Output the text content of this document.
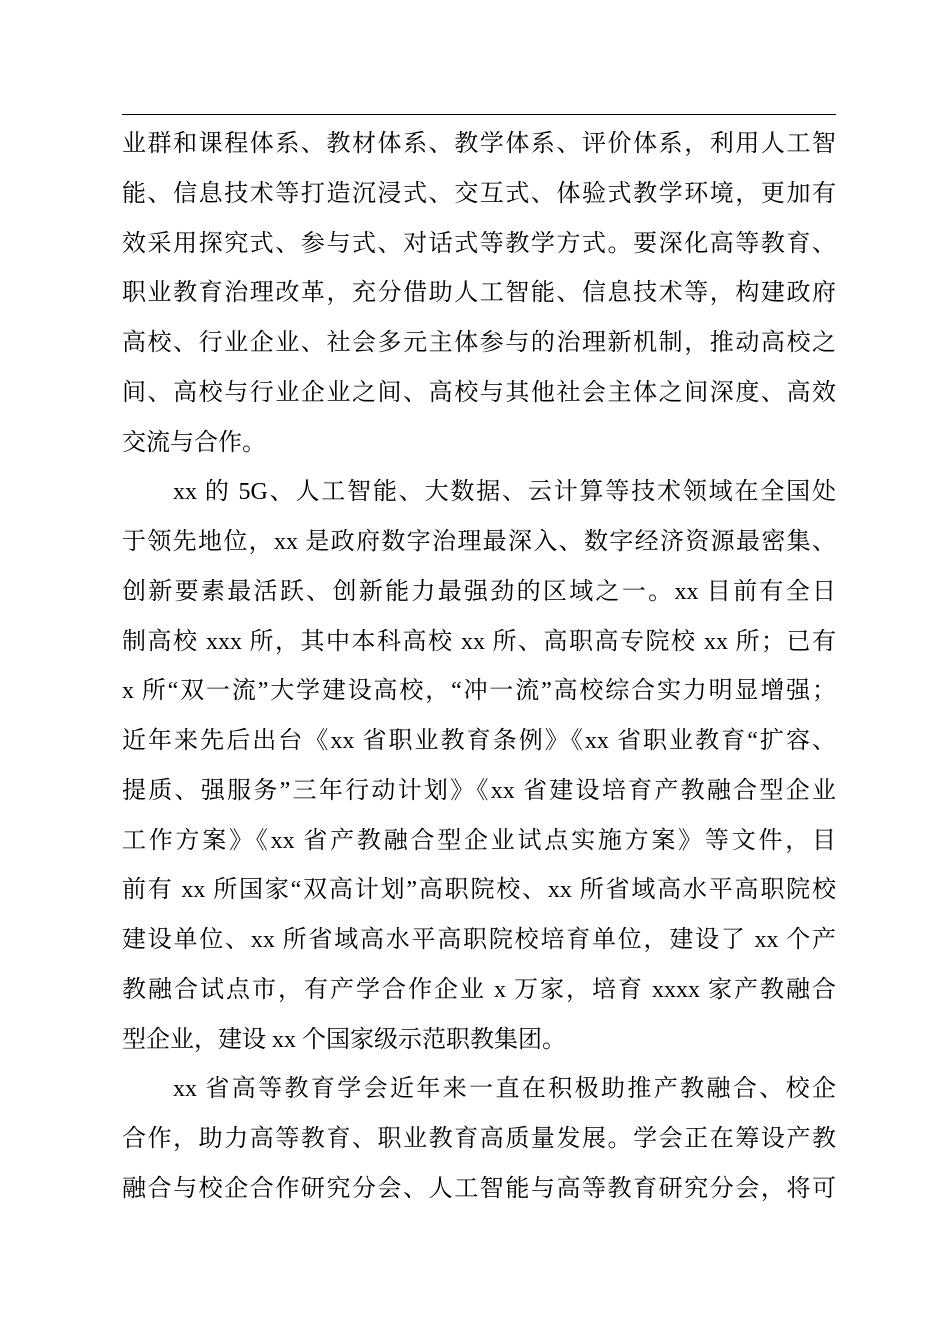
业群和课程体系、教材体系、教学体系、评价体系，利用人工智
能、信息技术等打造沉浸式、交互式、体验式教学环境，更加有
效采用探究式、参与式、对话式等教学方式。要深化高等教育、
职业教育治理改革，充分借助人工智能、信息技术等，构建政府
高校、行业企业、社会多元主体参与的治理新机制，推动高校之
间、高校与行业企业之间、高校与其他社会主体之间深度、高效
交流与合作。
xx 的 5G、人工智能、大数据、云计算等技术领域在全国处
于领先地位，xx 是政府数字治理最深入、数字经济资源最密集、
创新要素最活跃、创新能力最强劲的区域之一。xx 目前有全日
制高校 xxx 所，其中本科高校 xx 所、高职高专院校 xx 所；已有
x 所“双一流”大学建设高校，“冲一流”高校综合实力明显增强；
近年来先后出台《xx 省职业教育条例》《xx 省职业教育“扩容、
提质、强服务”三年行动计划》《xx 省建设培育产教融合型企业
工作方案》《xx 省产教融合型企业试点实施方案》等文件，目
前有 xx 所国家“双高计划”高职院校、xx 所省域高水平高职院校
建设单位、xx 所省域高水平高职院校培育单位，建设了 xx 个产
教融合试点市，有产学合作企业 x 万家，培育 xxxx 家产教融合
型企业，建设 xx 个国家级示范职教集团。
xx 省高等教育学会近年来一直在积极助推产教融合、校企
合作，助力高等教育、职业教育高质量发展。学会正在筹设产教
融合与校企合作研究分会、人工智能与高等教育研究分会，将可
